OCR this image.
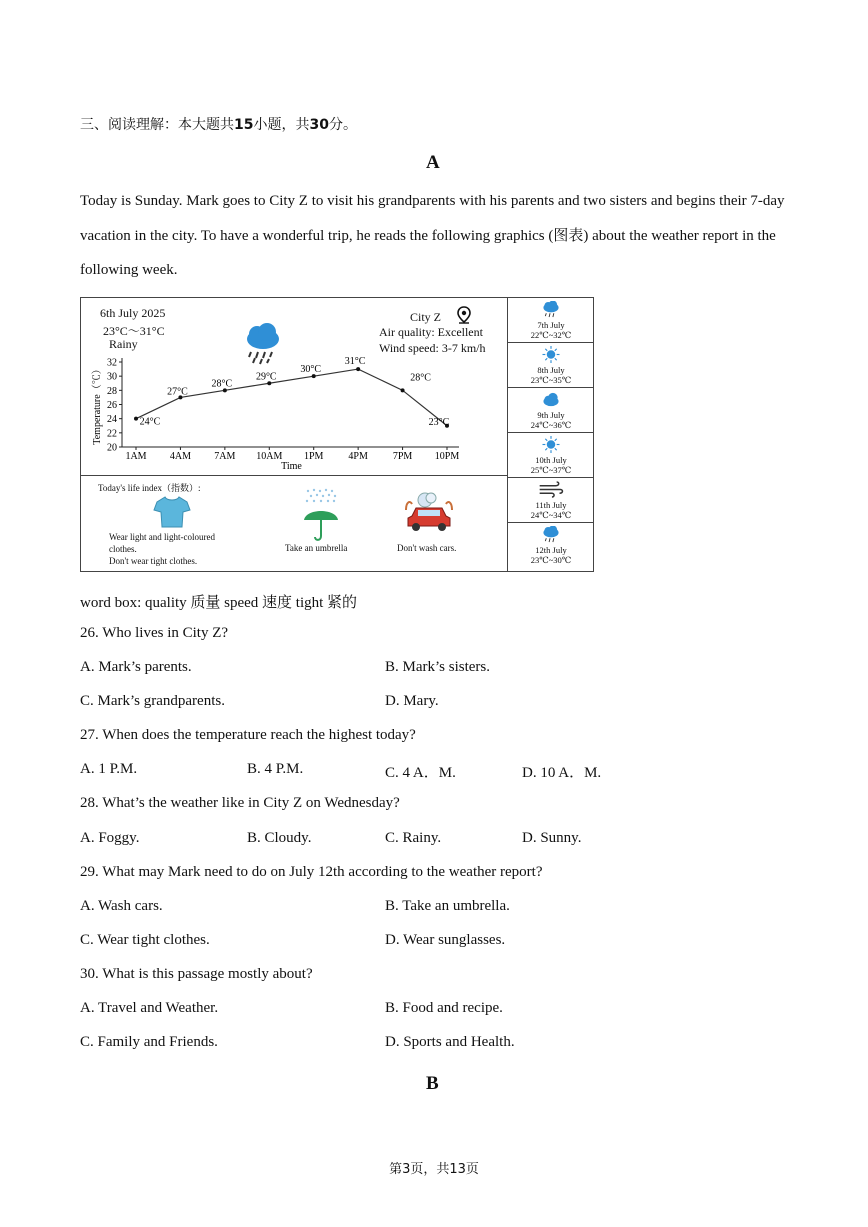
三、阅读理解：本大题共15小题，共30分。
A
Today is Sunday. Mark goes to City Z to visit his grandparents with his parents and two sisters and begins their 7-day vacation in the city. To have a wonderful trip, he reads the following graphics (图表) about the weather report in the following week.
6th July 2025
23°C～31°C
Rainy
City Z
Air quality: Excellent
Wind speed: 3-7 km/h
20
22
24
26
28
30
32
1AM 4AM 7AM 10AM 1PM 4PM 7PM 10PM
Time
Temperature（℃）	24°C
27°C
28°C
29°C
30°C
31°C
28°C
23°C
Today's life index（指数）:
Wear light and light-coloured
clothes.
Don't wear tight clothes.
Take an umbrella	Don't wash cars.
7th July
22℃~32℃
8th July
23℃~35℃
9th July
24℃~36℃
10th July
25℃~37℃
11th July
24℃~34℃
12th July
23℃~30℃
word box: quality 质量 speed 速度 tight 紧的
26. Who lives in City Z?
A. Mark’s parents.	B. Mark’s sisters.
C. Mark’s grandparents.	D. Mary.
27. When does the temperature reach the highest today?
A. 1 P.M.	B. 4 P.M.	C. 4 A．M.	D. 10 A．M.
28. What’s the weather like in City Z on Wednesday?
A. Foggy.	B. Cloudy.	C. Rainy.	D. Sunny.
29. What may Mark need to do on July 12th according to the weather report?
A. Wash cars.	B. Take an umbrella.
C. Wear tight clothes.	D. Wear sunglasses.
30. What is this passage mostly about?
A. Travel and Weather.	B. Food and recipe.
C. Family and Friends.	D. Sports and Health.
B
第3页，共13页
